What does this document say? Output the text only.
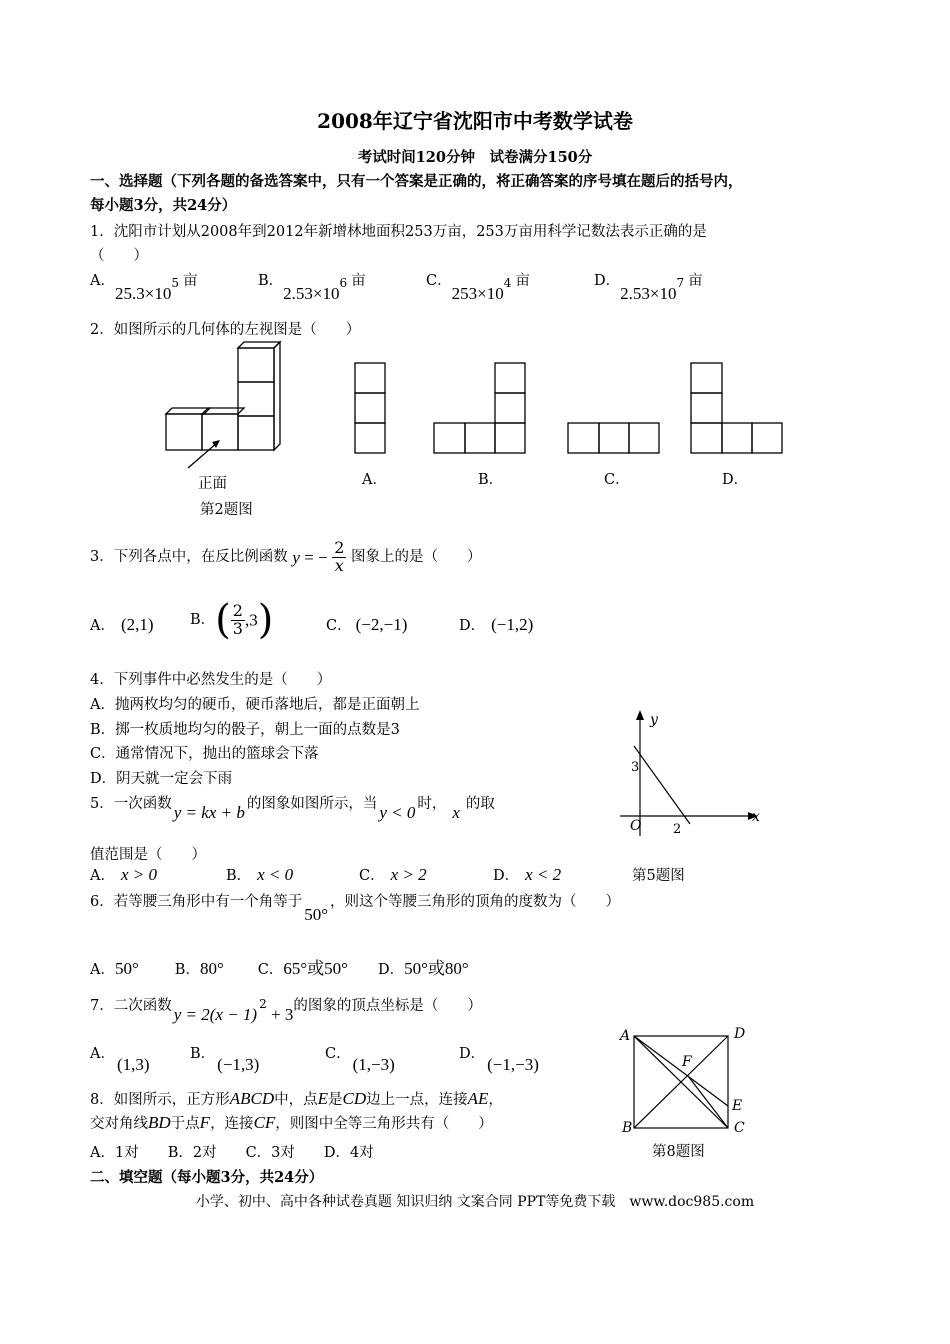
2008年辽宁省沈阳市中考数学试卷
考试时间120分钟　试卷满分150分
一、选择题（下列各题的备选答案中，只有一个答案是正确的，将正确答案的序号填在题后的括号内，
每小题3分，共24分）
1．沈阳市计划从2008年到2012年新增林地面积253万亩，253万亩用科学记数法表示正确的是
（　　）
A．$25.3\times 10^5$ 亩	B．$2.53\times 10^6$ 亩	C．$253\times 10^4$ 亩	D．$2.53\times 10^7$ 亩
2．如图所示的几何体的左视图是（　　）
正面
第2题图
A．	B．	C．	D．
3．下列各点中，在反比例函数 y = − $\frac{2}{x}$ 图象上的是（　　）
A． (2,1)	B．( $\frac{2}{3} ,3$)	C． (−2,−1)	D． (−1,2)
4．下列事件中必然发生的是（　　）
A．抛两枚均匀的硬币，硬币落地后，都是正面朝上
B．掷一枚质地均匀的骰子，朝上一面的点数是3
C．通常情况下，抛出的篮球会下落
D．阴天就一定会下雨
5．一次函数 y = kx + b 的图象如图所示，当 y < 0 时， x 的取
值范围是（　　）
A． x > 0	B． x < 0	C． x > 2	D． x < 2
y
x
O
3
2
第5题图
6．若等腰三角形中有一个角等于50°，则这个等腰三角形的顶角的度数为（　　）
A．50° B．80° C．65°或50° D．50°或80°
7．二次函数 $y = 2(x - 1)^2 + 3$的图象的顶点坐标是（　　）
A．(1,3)
B．(−1,3)
C．(1,−3)
D．(−1,−3)
8．如图所示，正方形ABCD中，点E是CD边上一点，连接AE，
交对角线BD于点F，连接CF，则图中全等三角形共有（　　）
A．1对　　B．2对　　C．3对　　D．4对
A	D
F
E
B	C
第8题图
二、填空题（每小题3分，共24分）
小学、初中、高中各种试卷真题 知识归纳 文案合同 PPT等免费下载　www.doc985.com
